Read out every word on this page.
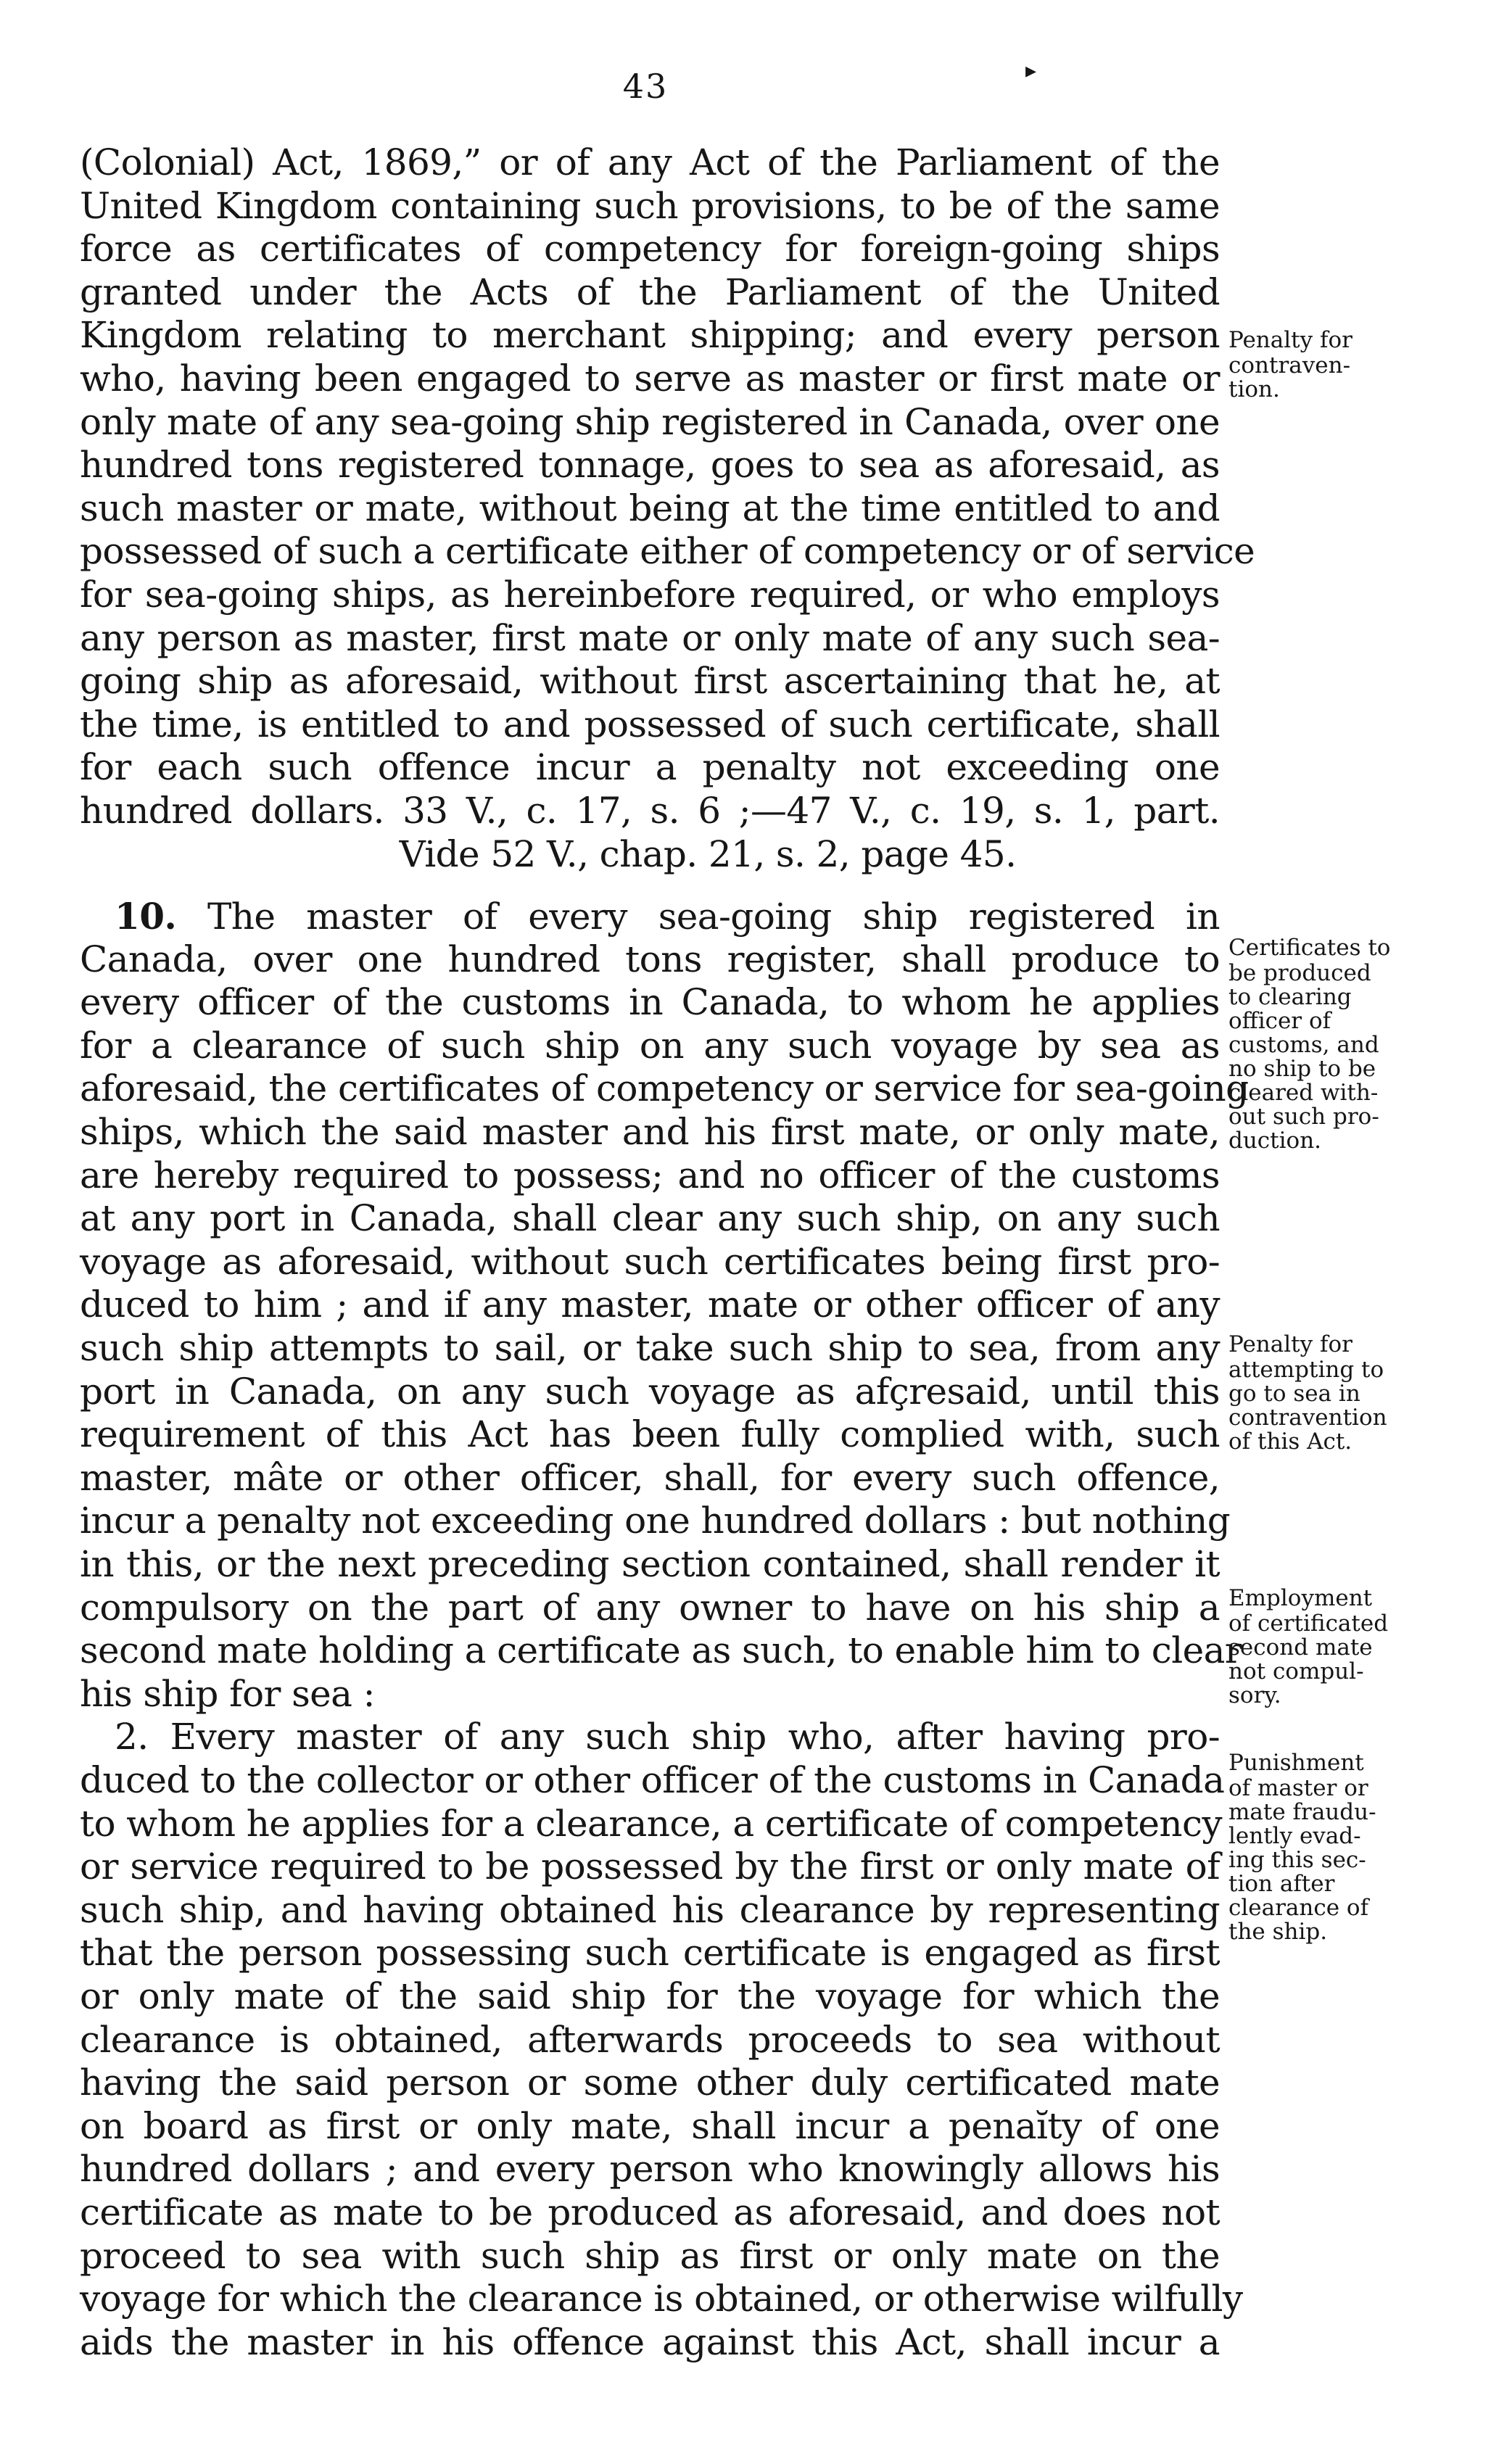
43	▸
(Colonial) Act, 1869,” or of any Act of the Parliament of the
United Kingdom containing such provisions, to be of the same
force as certificates of competency for foreign-going ships
granted under the Acts of the Parliament of the United
Kingdom relating to merchant shipping; and every person
who, having been engaged to serve as master or first mate or
only mate of any sea-going ship registered in Canada, over one
hundred tons registered tonnage, goes to sea as aforesaid, as
such master or mate, without being at the time entitled to and
possessed of such a certificate either of competency or of service
for sea-going ships, as hereinbefore required, or who employs
any person as master, first mate or only mate of any such sea-
going ship as aforesaid, without first ascertaining that he, at
the time, is entitled to and possessed of such certificate, shall
for each such offence incur a penalty not exceeding one
hundred dollars. 33 V., c. 17, s. 6 ;—47 V., c. 19, s. 1, part.
Vide 52 V., chap. 21, s. 2, page 45.
10. The master of every sea-going ship registered in
Canada, over one hundred tons register, shall produce to
every officer of the customs in Canada, to whom he applies
for a clearance of such ship on any such voyage by sea as
aforesaid, the certificates of competency or service for sea-going
ships, which the said master and his first mate, or only mate,
are hereby required to possess; and no officer of the customs
at any port in Canada, shall clear any such ship, on any such
voyage as aforesaid, without such certificates being first pro-
duced to him ; and if any master, mate or other officer of any
such ship attempts to sail, or take such ship to sea, from any
port in Canada, on any such voyage as afçresaid, until this
requirement of this Act has been fully complied with, such
master, mâte or other officer, shall, for every such offence,
incur a penalty not exceeding one hundred dollars : but nothing
in this, or the next preceding section contained, shall render it
compulsory on the part of any owner to have on his ship a
second mate holding a certificate as such, to enable him to clear
his ship for sea :
2. Every master of any such ship who, after having pro-
duced to the collector or other officer of the customs in Canada
to whom he applies for a clearance, a certificate of competency
or service required to be possessed by the first or only mate of
such ship, and having obtained his clearance by representing
that the person possessing such certificate is engaged as first
or only mate of the said ship for the voyage for which the
clearance is obtained, afterwards proceeds to sea without
having the said person or some other duly certificated mate
on board as first or only mate, shall incur a penaı̆ty of one
hundred dollars ; and every person who knowingly allows his
certificate as mate to be produced as aforesaid, and does not
proceed to sea with such ship as first or only mate on the
voyage for which the clearance is obtained, or otherwise wilfully
aids the master in his offence against this Act, shall incur a
Penalty for
contraven-
tion.
Certificates to
be produced
to clearing
officer of
customs, and
no ship to be
cleared with-
out such pro-
duction.
Penalty for
attempting to
go to sea in
contravention
of this Act.
Employment
of certificated
second mate
not compul-
sory.
Punishment
of master or
mate fraudu-
lently evad-
ing this sec-
tion after
clearance of
the ship.
